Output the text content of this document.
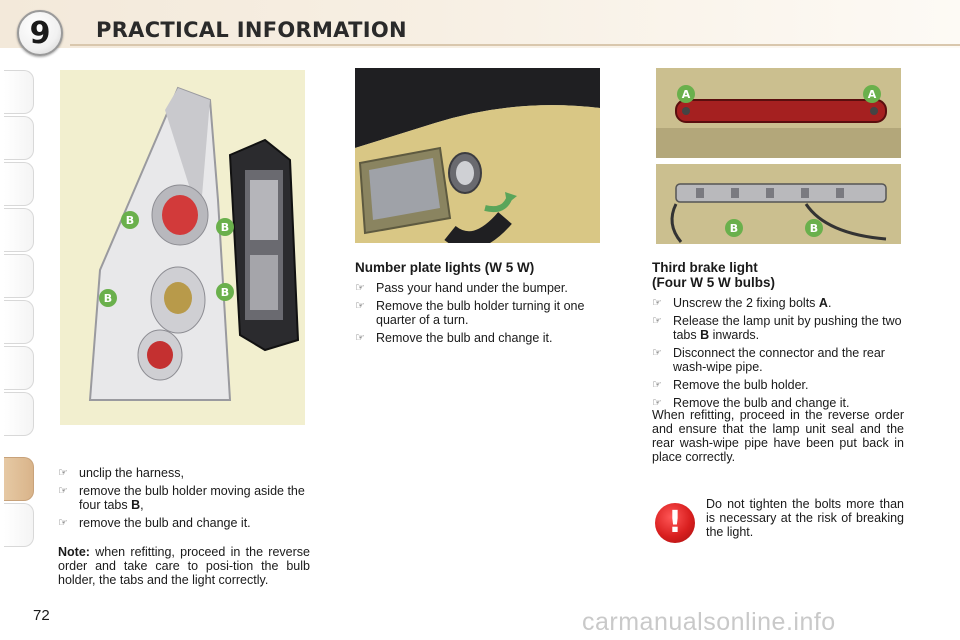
9	PRACTICAL INFORMATION
B
B
B	B
A	A
B	B
☞ unclip the harness,
☞ remove the bulb holder moving aside the four tabs B,
☞ remove the bulb and change it.
Note: when refitting, proceed in the reverse order and take care to posi-tion the bulb holder, the tabs and the light correctly.
Number plate lights (W 5 W)
☞ Pass your hand under the bumper.
☞ Remove the bulb holder turning it one quarter of a turn.
☞ Remove the bulb and change it.
Third brake light
(Four W 5 W bulbs)
☞ Unscrew the 2 fixing bolts A.
☞ Release the lamp unit by pushing the two tabs B inwards.
☞ Disconnect the connector and the rear wash-wipe pipe.
☞ Remove the bulb holder.
☞ Remove the bulb and change it.
When refitting, proceed in the reverse order and ensure that the lamp unit seal and the rear wash-wipe pipe have been put back in place correctly.
!
Do not tighten the bolts more than is necessary at the risk of breaking the light.
72	carmanualsonline.info
